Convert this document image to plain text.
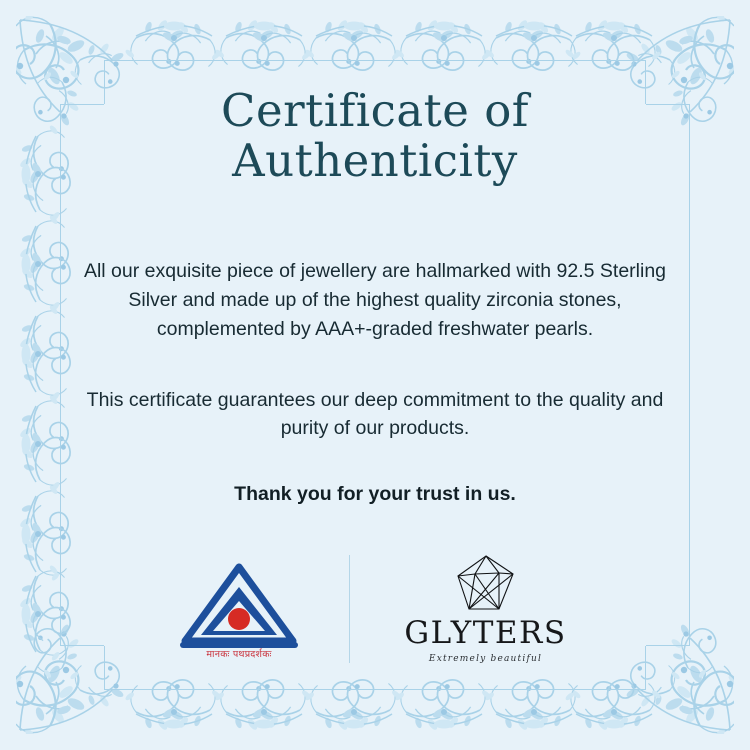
Certificate of Authenticity

All our exquisite piece of jewellery are hallmarked with 92.5 Sterling Silver and made up of the highest quality zirconia stones, complemented by AAA+-graded freshwater pearls.

This certificate guarantees our deep commitment to the quality and purity of our products.

Thank you for your trust in us.
मानकः पथप्रदर्शकः
GLYTERS
Extremely beautiful
